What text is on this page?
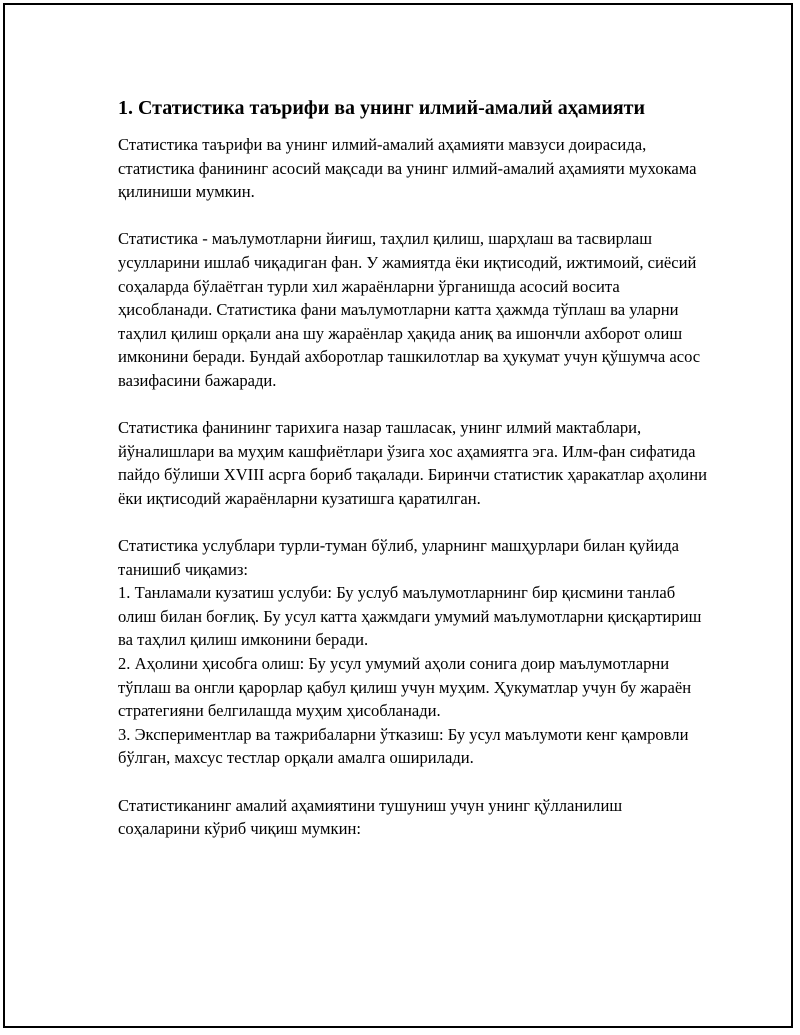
1. Статистика таърифи ва унинг илмий-амалий аҳамияти

Статистика таърифи ва унинг илмий-амалий аҳамияти мавзуси доирасида, статистика фанининг асосий мақсади ва унинг илмий-амалий аҳамияти мухокама қилиниши мумкин.

Статистика - маълумотларни йиғиш, таҳлил қилиш, шарҳлаш ва тасвирлаш усулларини ишлаб чиқадиган фан. У жамиятда ёки иқтисодий, ижтимоий, сиёсий соҳаларда бўлаётган турли хил жараёнларни ўрганишда асосий восита ҳисобланади. Статистика фани маълумотларни катта ҳажмда тўплаш ва уларни таҳлил қилиш орқали ана шу жараёнлар ҳақида аниқ ва ишончли ахборот олиш имконини беради. Бундай ахборотлар ташкилотлар ва ҳукумат учун қўшумча асос вазифасини бажаради.

Статистика фанининг тарихига назар ташласак, унинг илмий мактаблари, йўналишлари ва муҳим кашфиётлари ўзига хос аҳамиятга эга. Илм-фан сифатида пайдо бўлиши XVIII асрга бориб тақалади. Биринчи статистик ҳаракатлар аҳолини ёки иқтисодий жараёнларни кузатишга қаратилган.

Статистика услублари турли-туман бўлиб, уларнинг машҳурлари билан қуйида танишиб чиқамиз:
1. Танламали кузатиш услуби: Бу услуб маълумотларнинг бир қисмини танлаб олиш билан боғлиқ. Бу усул катта ҳажмдаги умумий маълумотларни қисқартириш ва таҳлил қилиш имконини беради.
2. Аҳолини ҳисобга олиш: Бу усул умумий аҳоли сонига доир маълумотларни тўплаш ва онгли қарорлар қабул қилиш учун муҳим. Ҳукуматлар учун бу жараён стратегияни белгилашда муҳим ҳисобланади.
3. Экспериментлар ва тажрибаларни ўтказиш: Бу усул маълумоти кенг қамровли бўлган, махсус тестлар орқали амалга оширилади.

Статистиканинг амалий аҳамиятини тушуниш учун унинг қўлланилиш соҳаларини кўриб чиқиш мумкин:
